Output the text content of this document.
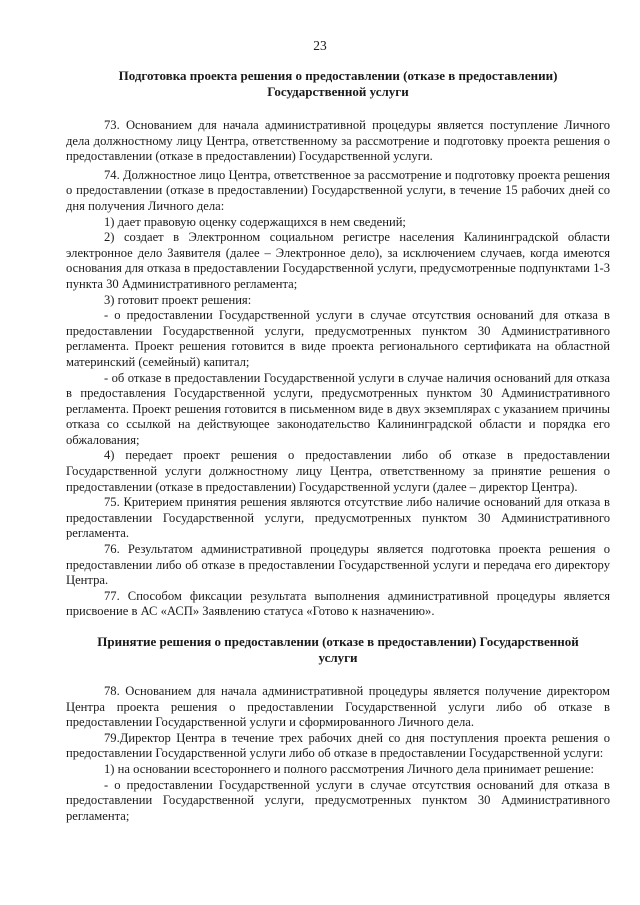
23
Подготовка проекта решения о предоставлении (отказе в предоставлении)
Государственной услуги

73. Основанием для начала административной процедуры является поступление Личного дела должностному лицу Центра, ответственному за рассмотрение и подготовку проекта решения о предоставлении (отказе в предоставлении) Государственной услуги.

74. Должностное лицо Центра, ответственное за рассмотрение и подготовку проекта решения о предоставлении (отказе в предоставлении) Государственной услуги, в течение 15 рабочих дней со дня получения Личного дела:

1) дает правовую оценку содержащихся в нем сведений;

2) создает в Электронном социальном регистре населения Калининградской области электронное дело Заявителя (далее – Электронное дело), за исключением случаев, когда имеются основания для отказа в предоставлении Государственной услуги, предусмотренные подпунктами 1-3 пункта 30 Административного регламента;

3) готовит проект решения:

- о предоставлении Государственной услуги в случае отсутствия оснований для отказа в предоставлении Государственной услуги, предусмотренных пунктом 30 Административного регламента. Проект решения готовится в виде проекта регионального сертификата на областной материнский (семейный) капитал;

- об отказе в предоставлении Государственной услуги в случае наличия оснований для отказа в предоставления Государственной услуги, предусмотренных пунктом 30 Административного регламента. Проект решения готовится в письменном виде в двух экземплярах с указанием причины отказа со ссылкой на действующее законодательство Калининградской области и порядка его обжалования;

4) передает проект решения о предоставлении либо об отказе в предоставлении Государственной услуги должностному лицу Центра, ответственному за принятие решения о предоставлении (отказе в предоставлении) Государственной услуги (далее – директор Центра).

75. Критерием принятия решения являются отсутствие либо наличие оснований для отказа в предоставлении Государственной услуги, предусмотренных пунктом 30 Административного регламента.

76. Результатом административной процедуры является подготовка проекта решения о предоставлении либо об отказе в предоставлении Государственной услуги и передача его директору Центра.

77. Способом фиксации результата выполнения административной процедуры является присвоение в АС «АСП» Заявлению статуса «Готово к назначению».

Принятие решения о предоставлении (отказе в предоставлении) Государственной
услуги

78. Основанием для начала административной процедуры является получение директором Центра проекта решения о предоставлении Государственной услуги либо об отказе в предоставлении Государственной услуги и сформированного Личного дела.

79.Директор Центра в течение трех рабочих дней со дня поступления проекта решения о предоставлении Государственной услуги либо об отказе в предоставлении Государственной услуги:

1) на основании всестороннего и полного рассмотрения Личного дела принимает решение:

- о предоставлении Государственной услуги в случае отсутствия оснований для отказа в предоставлении Государственной услуги, предусмотренных пунктом 30 Административного регламента;
